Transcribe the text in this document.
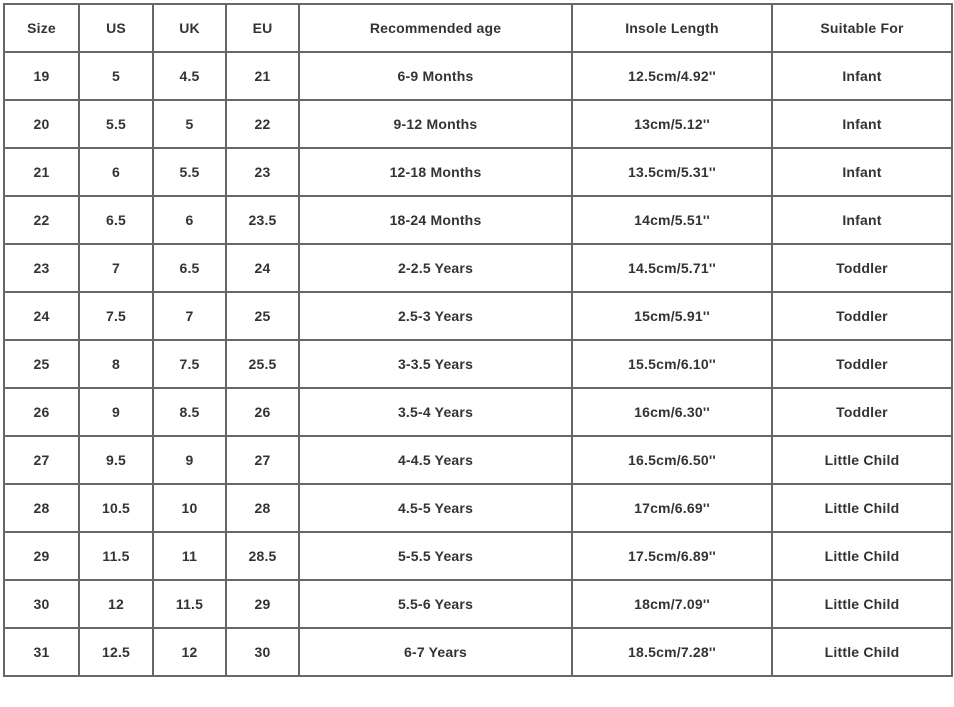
Size	US	UK	EU	Recommended age	Insole Length	Suitable For
19	5	4.5	21	6-9 Months	12.5cm/4.92''	Infant
20	5.5	5	22	9-12 Months	13cm/5.12''	Infant
21	6	5.5	23	12-18 Months	13.5cm/5.31''	Infant
22	6.5	6	23.5	18-24 Months	14cm/5.51''	Infant
23	7	6.5	24	2-2.5 Years	14.5cm/5.71''	Toddler
24	7.5	7	25	2.5-3 Years	15cm/5.91''	Toddler
25	8	7.5	25.5	3-3.5 Years	15.5cm/6.10''	Toddler
26	9	8.5	26	3.5-4 Years	16cm/6.30''	Toddler
27	9.5	9	27	4-4.5 Years	16.5cm/6.50''	Little Child
28	10.5	10	28	4.5-5 Years	17cm/6.69''	Little Child
29	11.5	11	28.5	5-5.5 Years	17.5cm/6.89''	Little Child
30	12	11.5	29	5.5-6 Years	18cm/7.09''	Little Child
31	12.5	12	30	6-7 Years	18.5cm/7.28''	Little Child
